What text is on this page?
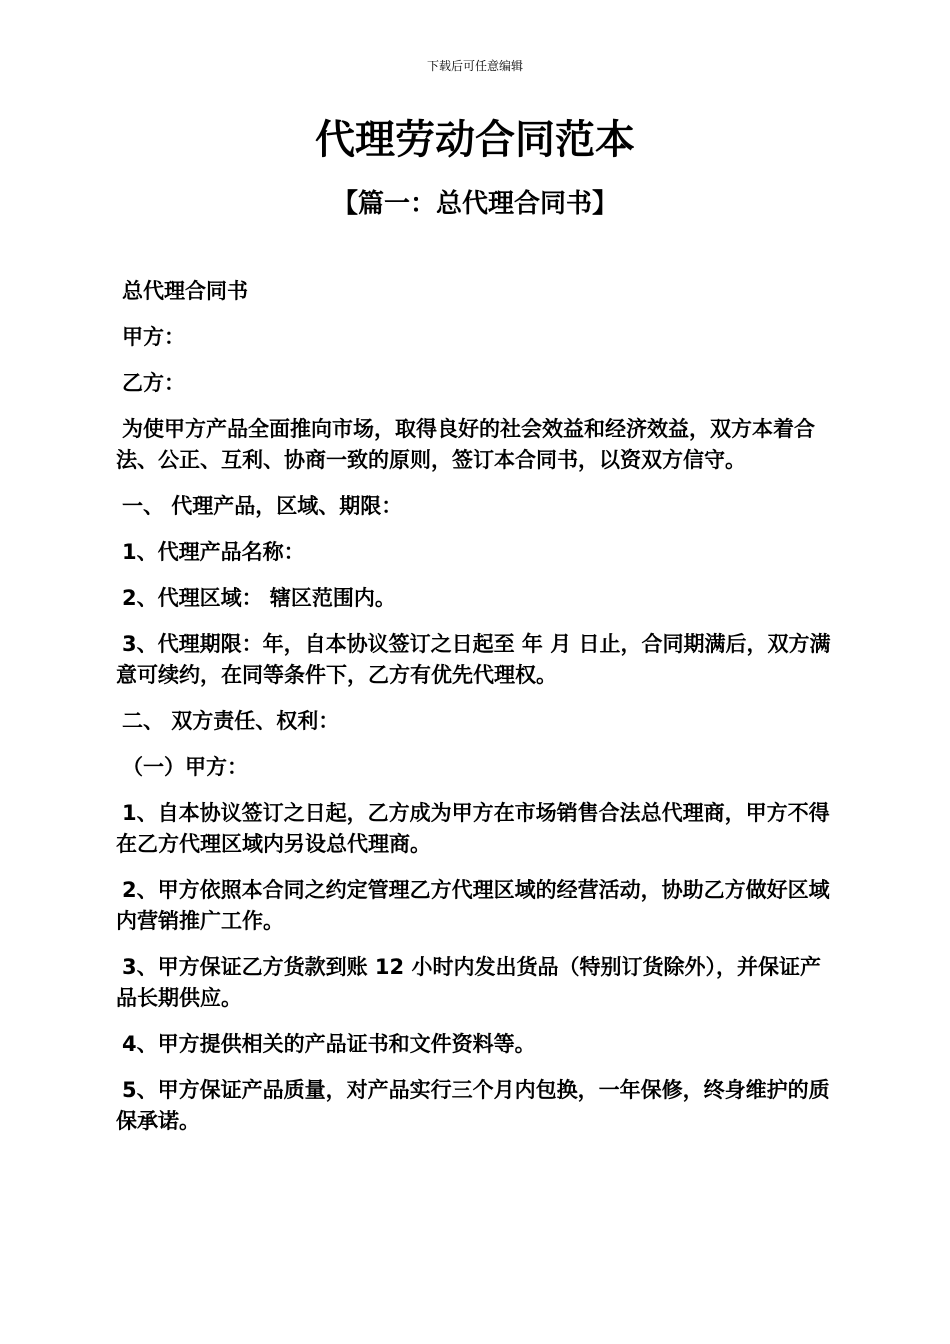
下载后可任意编辑
代理劳动合同范本
【篇一：总代理合同书】

总代理合同书

甲方：

乙方：

为使甲方产品全面推向市场，取得良好的社会效益和经济效益，双方本着合法、公正、互利、协商一致的原则，签订本合同书，以资双方信守。

一、 代理产品，区域、期限：

1、代理产品名称：

2、代理区域： 辖区范围内。

3、代理期限：年，自本协议签订之日起至 年 月 日止，合同期满后，双方满意可续约，在同等条件下，乙方有优先代理权。

二、 双方责任、权利：

（一）甲方：

1、自本协议签订之日起，乙方成为甲方在市场销售合法总代理商，甲方不得在乙方代理区域内另设总代理商。

2、甲方依照本合同之约定管理乙方代理区域的经营活动，协助乙方做好区域内营销推广工作。

3、甲方保证乙方货款到账 12 小时内发出货品（特别订货除外），并保证产品长期供应。

4、甲方提供相关的产品证书和文件资料等。

5、甲方保证产品质量，对产品实行三个月内包换，一年保修，终身维护的质保承诺。
